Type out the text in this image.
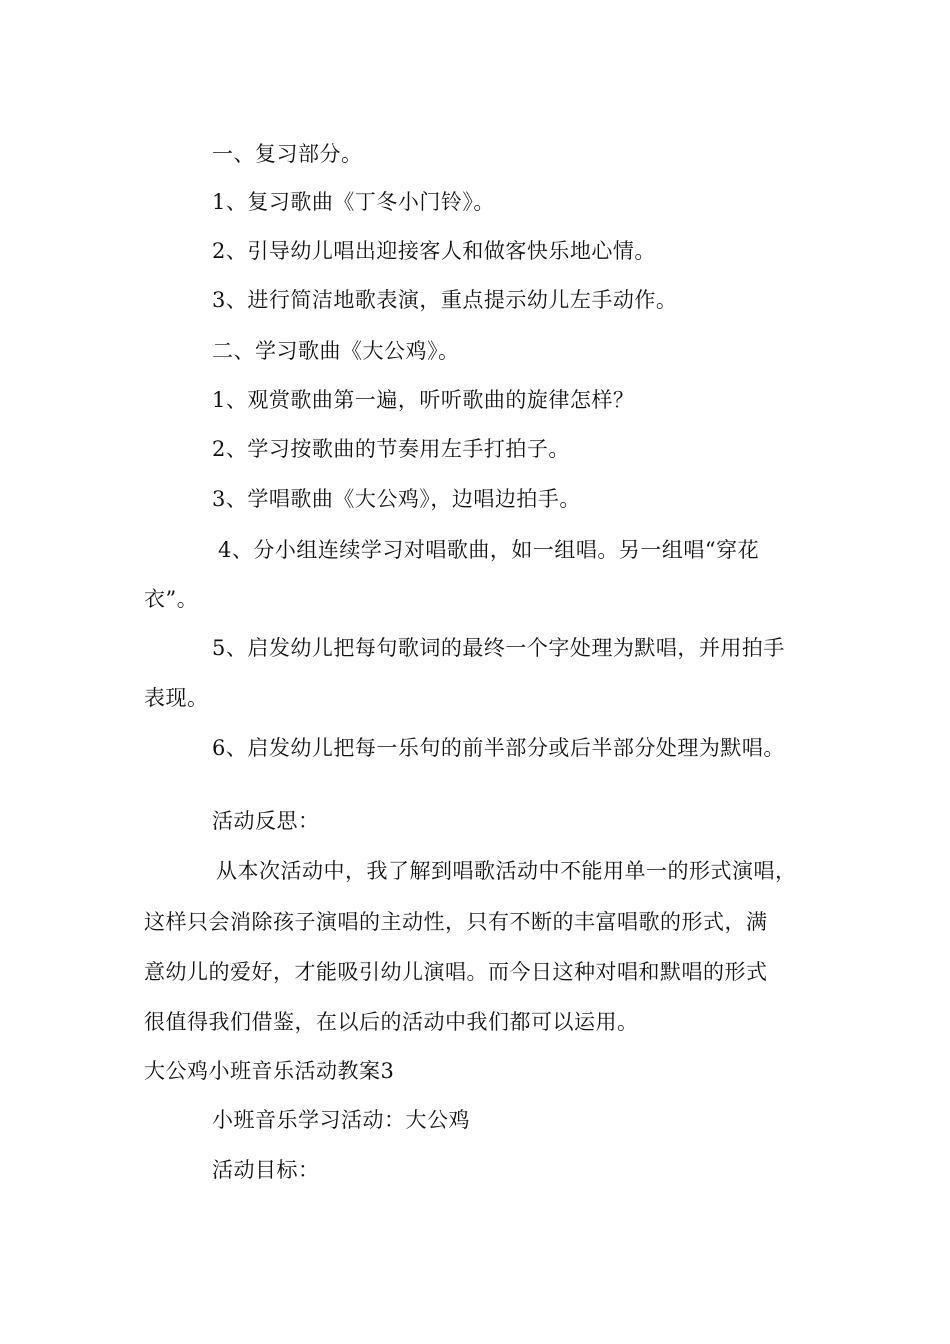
一、复习部分。
1、复习歌曲《丁冬小门铃》。
2、引导幼儿唱出迎接客人和做客快乐地心情。
3、进行简洁地歌表演，重点提示幼儿左手动作。
二、学习歌曲《大公鸡》。
1、观赏歌曲第一遍，听听歌曲的旋律怎样？
2、学习按歌曲的节奏用左手打拍子。
3、学唱歌曲《大公鸡》，边唱边拍手。
4、分小组连续学习对唱歌曲，如一组唱。另一组唱“穿花
衣”。
5、启发幼儿把每句歌词的最终一个字处理为默唱，并用拍手
表现。
6、启发幼儿把每一乐句的前半部分或后半部分处理为默唱。
活动反思：
从本次活动中，我了解到唱歌活动中不能用单一的形式演唱，
这样只会消除孩子演唱的主动性，只有不断的丰富唱歌的形式，满
意幼儿的爱好，才能吸引幼儿演唱。而今日这种对唱和默唱的形式
很值得我们借鉴，在以后的活动中我们都可以运用。
大公鸡小班音乐活动教案3
小班音乐学习活动：大公鸡
活动目标：
